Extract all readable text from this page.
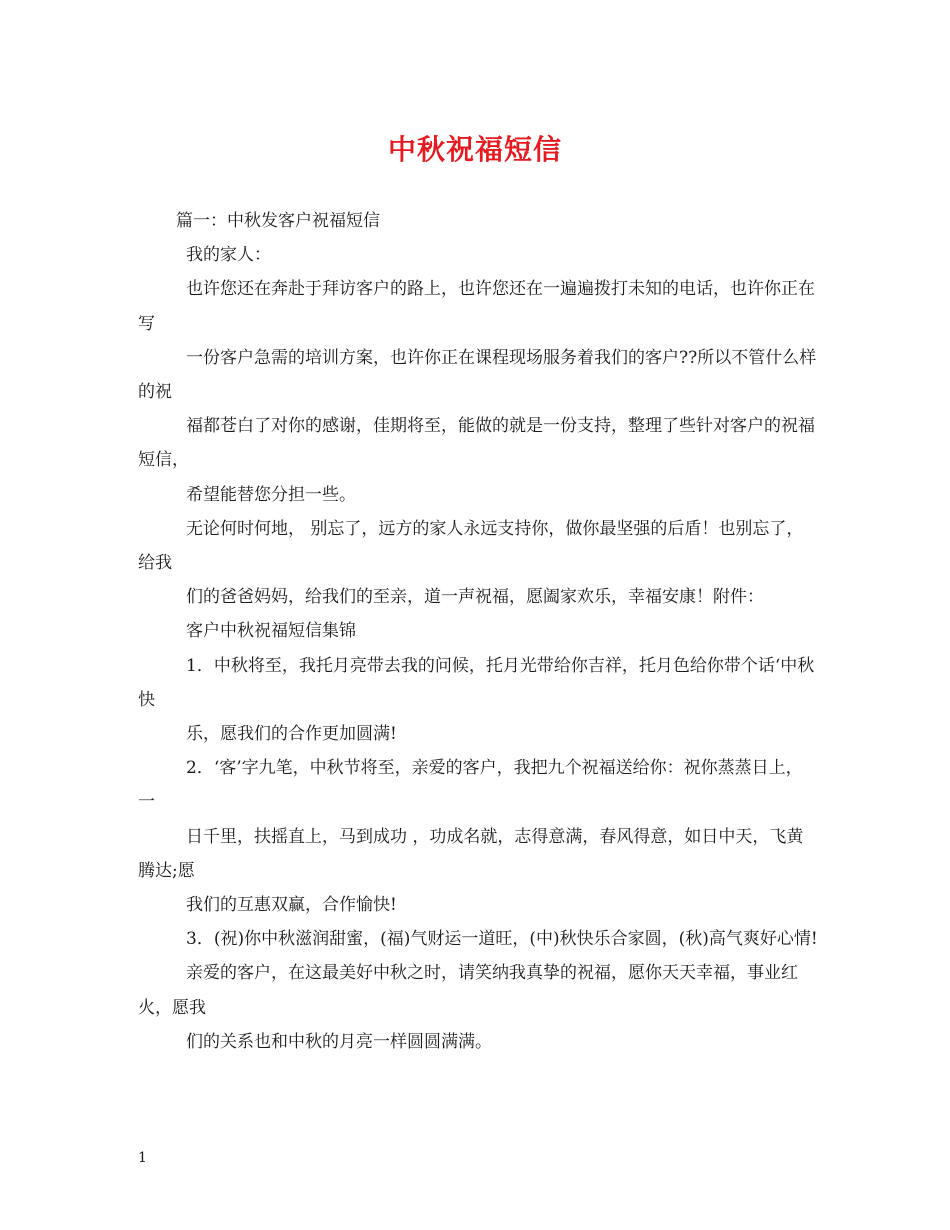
中秋祝福短信

篇一：中秋发客户祝福短信

我的家人：

也许您还在奔赴于拜访客户的路上，也许您还在一遍遍拨打未知的电话，也许你正在写

一份客户急需的培训方案，也许你正在课程现场服务着我们的客户??所以不管什么样的祝

福都苍白了对你的感谢，佳期将至，能做的就是一份支持，整理了些针对客户的祝福短信，

希望能替您分担一些。

无论何时何地， 别忘了，远方的家人永远支持你，做你最坚强的后盾！也别忘了，给我

们的爸爸妈妈，给我们的至亲，道一声祝福，愿阖家欢乐，幸福安康！附件：

客户中秋祝福短信集锦

1．中秋将至，我托月亮带去我的问候，托月光带给你吉祥，托月色给你带个话‘中秋快

乐，愿我们的合作更加圆满!

2．‘客’字九笔，中秋节将至，亲爱的客户，我把九个祝福送给你：祝你蒸蒸日上，一

日千里，扶摇直上，马到成功 ，功成名就，志得意满，春风得意，如日中天，飞黄腾达;愿

我们的互惠双赢，合作愉快!

3．(祝)你中秋滋润甜蜜，(福)气财运一道旺，(中)秋快乐合家圆，(秋)高气爽好心情!

亲爱的客户，在这最美好中秋之时，请笑纳我真挚的祝福，愿你天天幸福，事业红火，愿我

们的关系也和中秋的月亮一样圆圆满满。

1
